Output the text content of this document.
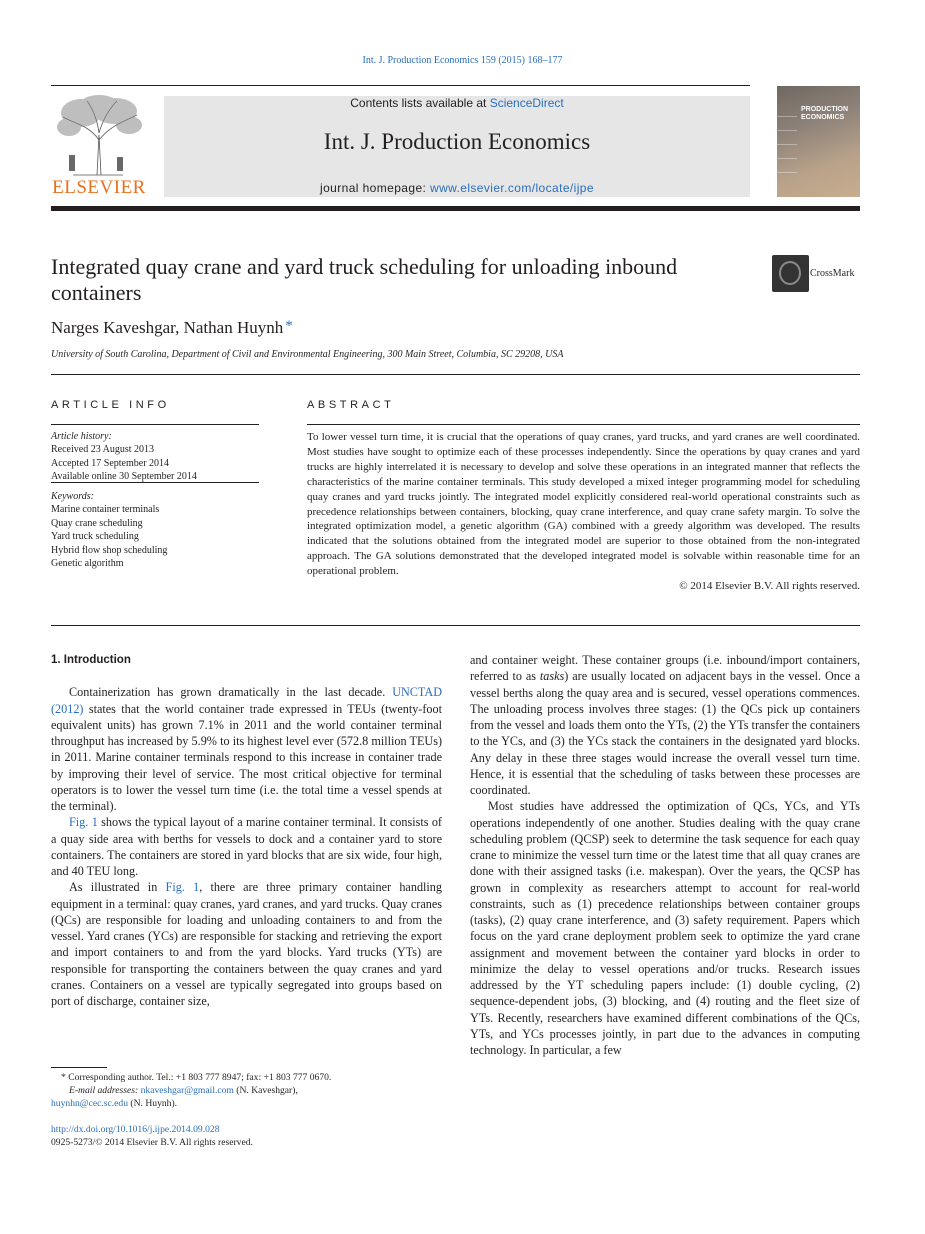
Int. J. Production Economics 159 (2015) 168–177
ELSEVIER
Contents lists available at ScienceDirect
Int. J. Production Economics
journal homepage: www.elsevier.com/locate/ijpe
PRODUCTION ECONOMICS
Integrated quay crane and yard truck scheduling for unloading inbound containers
CrossMark
Narges Kaveshgar, Nathan Huynh *
University of South Carolina, Department of Civil and Environmental Engineering, 300 Main Street, Columbia, SC 29208, USA
ARTICLE INFO
Article history:
Received 23 August 2013
Accepted 17 September 2014
Available online 30 September 2014
Keywords:
Marine container terminals
Quay crane scheduling
Yard truck scheduling
Hybrid flow shop scheduling
Genetic algorithm
ABSTRACT
To lower vessel turn time, it is crucial that the operations of quay cranes, yard trucks, and yard cranes are well coordinated. Most studies have sought to optimize each of these processes independently. Since the operations by quay cranes and yard trucks are highly interrelated it is necessary to develop and solve these operations in an integrated manner that reflects the characteristics of the marine container terminals. This study developed a mixed integer programming model for scheduling quay cranes and yard trucks jointly. The integrated model explicitly considered real-world operational constraints such as precedence relationships between containers, blocking, quay crane interference, and quay crane safety margin. To solve the integrated optimization model, a genetic algorithm (GA) combined with a greedy algorithm was developed. The results indicated that the solutions obtained from the integrated model are superior to those obtained from the non-integrated approach. The GA solutions demonstrated that the developed integrated model is solvable within reasonable time for an operational problem.
© 2014 Elsevier B.V. All rights reserved.

1. Introduction

Containerization has grown dramatically in the last decade. UNCTAD (2012) states that the world container trade expressed in TEUs (twenty-foot equivalent units) has grown 7.1% in 2011 and the world container terminal throughput has increased by 5.9% to its highest level ever (572.8 million TEUs) in 2011. Marine container terminals respond to this increase in container trade by improving their level of service. The most critical objective for terminal operators is to lower the vessel turn time (i.e. the total time a vessel spends at the terminal).

Fig. 1 shows the typical layout of a marine container terminal. It consists of a quay side area with berths for vessels to dock and a container yard to store containers. The containers are stored in yard blocks that are six wide, four high, and 40 TEU long.

As illustrated in Fig. 1, there are three primary container handling equipment in a terminal: quay cranes, yard cranes, and yard trucks. Quay cranes (QCs) are responsible for loading and unloading containers to and from the vessel. Yard cranes (YCs) are responsible for stacking and retrieving the export and import containers to and from the yard blocks. Yard trucks (YTs) are responsible for transporting the containers between the quay cranes and yard cranes. Containers on a vessel are typically segregated into groups based on port of discharge, container size,

and container weight. These container groups (i.e. inbound/import containers, referred to as tasks) are usually located on adjacent bays in the vessel. Once a vessel berths along the quay area and is secured, vessel operations commences. The unloading process involves three stages: (1) the QCs pick up containers from the vessel and loads them onto the YTs, (2) the YTs transfer the containers to the YCs, and (3) the YCs stack the containers in the designated yard blocks. Any delay in these three stages would increase the overall vessel turn time. Hence, it is essential that the scheduling of tasks between these processes are coordinated.

Most studies have addressed the optimization of QCs, YCs, and YTs operations independently of one another. Studies dealing with the quay crane scheduling problem (QCSP) seek to determine the task sequence for each quay crane to minimize the vessel turn time or the latest time that all quay cranes are done with their assigned tasks (i.e. makespan). Over the years, the QCSP has grown in complexity as researchers attempt to account for real-world constraints, such as (1) precedence relationships between container groups (tasks), (2) quay crane interference, and (3) safety requirement. Papers which focus on the yard crane deployment problem seek to optimize the yard crane assignment and movement between the container yard blocks in order to minimize the delay to vessel operations and/or trucks. Research issues addressed by the YT scheduling papers include: (1) double cycling, (2) sequence-dependent jobs, (3) blocking, and (4) routing and the fleet size of YTs. Recently, researchers have examined different combinations of the QCs, YTs, and YCs processes jointly, in part due to the advances in computing technology. In particular, a few

* Corresponding author. Tel.: +1 803 777 8947; fax: +1 803 777 0670.
E-mail addresses: nkaveshgar@gmail.com (N. Kaveshgar),
huynhn@cec.sc.edu (N. Huynh).
http://dx.doi.org/10.1016/j.ijpe.2014.09.028
0925-5273/© 2014 Elsevier B.V. All rights reserved.
